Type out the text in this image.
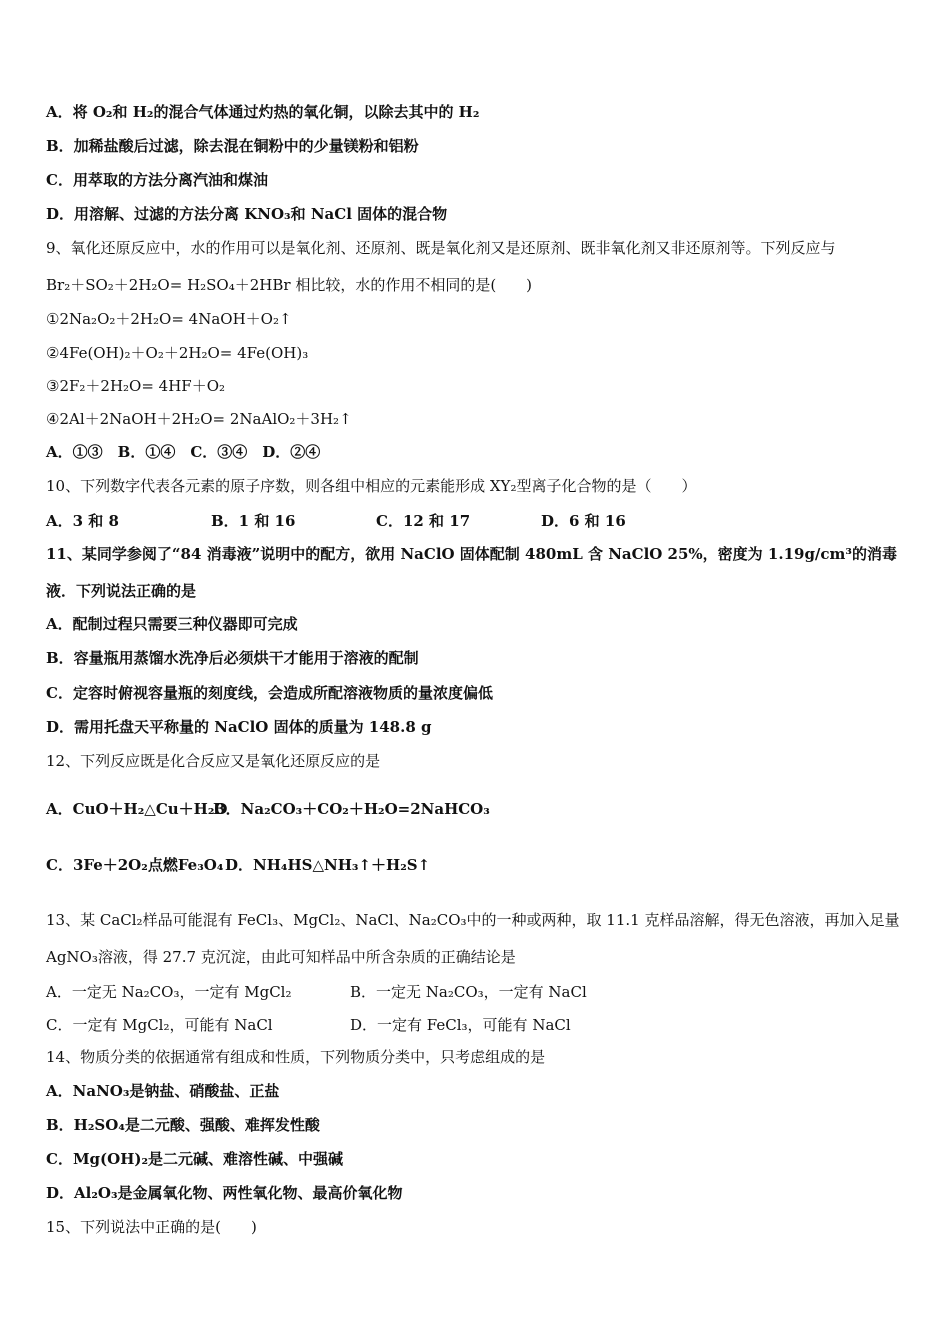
A．将 O₂和 H₂的混合气体通过灼热的氧化铜，以除去其中的 H₂
B．加稀盐酸后过滤，除去混在铜粉中的少量镁粉和铝粉
C．用萃取的方法分离汽油和煤油
D．用溶解、过滤的方法分离 KNO₃和 NaCl 固体的混合物
9、氧化还原反应中，水的作用可以是氧化剂、还原剂、既是氧化剂又是还原剂、既非氧化剂又非还原剂等。下列反应与
Br₂＋SO₂＋2H₂O= H₂SO₄＋2HBr 相比较，水的作用不相同的是(　　)
①2Na₂O₂＋2H₂O= 4NaOH＋O₂↑
②4Fe(OH)₂＋O₂＋2H₂O= 4Fe(OH)₃
③2F₂＋2H₂O= 4HF＋O₂
④2Al＋2NaOH＋2H₂O= 2NaAlO₂＋3H₂↑
A．①③　B．①④　C．③④　D．②④
10、下列数字代表各元素的原子序数，则各组中相应的元素能形成 XY₂型离子化合物的是（　　）
A．3 和 8	B．1 和 16	C．12 和 17	D．6 和 16
11、某同学参阅了“84 消毒液”说明中的配方，欲用 NaClO 固体配制 480mL 含 NaClO 25%，密度为 1.19g/cm³的消毒
液．下列说法正确的是
A．配制过程只需要三种仪器即可完成
B．容量瓶用蒸馏水洗净后必须烘干才能用于溶液的配制
C．定容时俯视容量瓶的刻度线，会造成所配溶液物质的量浓度偏低
D．需用托盘天平称量的 NaClO 固体的质量为 148.8 g
12、下列反应既是化合反应又是氧化还原反应的是
A．CuO＋H₂△Cu＋H₂O
B．Na₂CO₃＋CO₂＋H₂O=2NaHCO₃
C．3Fe＋2O₂点燃Fe₃O₄ D．NH₄HS△NH₃↑＋H₂S↑
13、某 CaCl₂样品可能混有 FeCl₃、MgCl₂、NaCl、Na₂CO₃中的一种或两种，取 11.1 克样品溶解，得无色溶液，再加入足量
AgNO₃溶液，得 27.7 克沉淀，由此可知样品中所含杂质的正确结论是
A．一定无 Na₂CO₃，一定有 MgCl₂	B．一定无 Na₂CO₃，一定有 NaCl
C．一定有 MgCl₂，可能有 NaCl	D．一定有 FeCl₃，可能有 NaCl
14、物质分类的依据通常有组成和性质，下列物质分类中，只考虑组成的是
A．NaNO₃是钠盐、硝酸盐、正盐
B．H₂SO₄是二元酸、强酸、难挥发性酸
C．Mg(OH)₂是二元碱、难溶性碱、中强碱
D．Al₂O₃是金属氧化物、两性氧化物、最高价氧化物
15、下列说法中正确的是(　　)
